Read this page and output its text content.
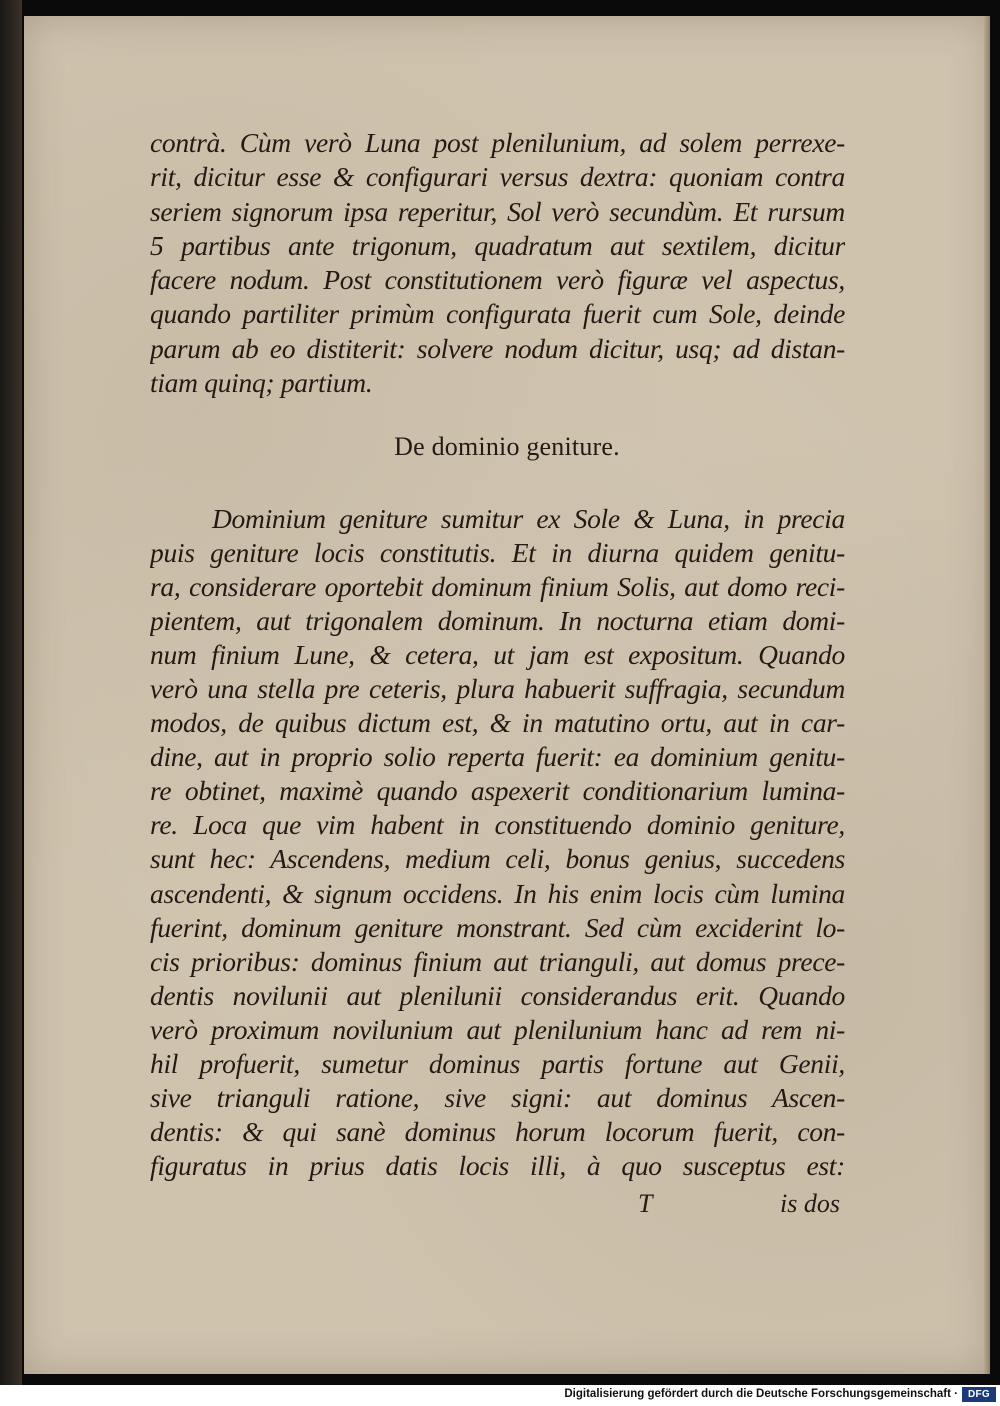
contrà. Cùm verò Luna post plenilunium, ad solem perrexe-
rit, dicitur esse & configurari versus dextra: quoniam contra
seriem signorum ipsa reperitur, Sol verò secundùm. Et rursum
5 partibus ante trigonum, quadratum aut sextilem, dicitur
facere nodum. Post constitutionem verò figuræ vel aspectus,
quando partiliter primùm configurata fuerit cum Sole, deinde
parum ab eo distiterit: solvere nodum dicitur, usq; ad distan-
tiam quinq; partium.
De dominio geniture.
Dominium geniture sumitur ex Sole & Luna, in precia
puis geniture locis constitutis. Et in diurna quidem genitu-
ra, considerare oportebit dominum finium Solis, aut domo reci-
pientem, aut trigonalem dominum. In nocturna etiam domi-
num finium Lune, & cetera, ut jam est expositum. Quando
verò una stella pre ceteris, plura habuerit suffragia, secundum
modos, de quibus dictum est, & in matutino ortu, aut in car-
dine, aut in proprio solio reperta fuerit: ea dominium genitu-
re obtinet, maximè quando aspexerit conditionarium lumina-
re. Loca que vim habent in constituendo dominio geniture,
sunt hec: Ascendens, medium celi, bonus genius, succedens
ascendenti, & signum occidens. In his enim locis cùm lumina
fuerint, dominum geniture monstrant. Sed cùm exciderint lo-
cis prioribus: dominus finium aut trianguli, aut domus prece-
dentis novilunii aut plenilunii considerandus erit. Quando
verò proximum novilunium aut plenilunium hanc ad rem ni-
hil profuerit, sumetur dominus partis fortune aut Genii,
sive trianguli ratione, sive signi: aut dominus Ascen-
dentis: & qui sanè dominus horum locorum fuerit, con-
figuratus in prius datis locis illi, à quo susceptus est:
T	is dos
Digitalisierung gefördert durch die Deutsche Forschungsgemeinschaft · DFG
